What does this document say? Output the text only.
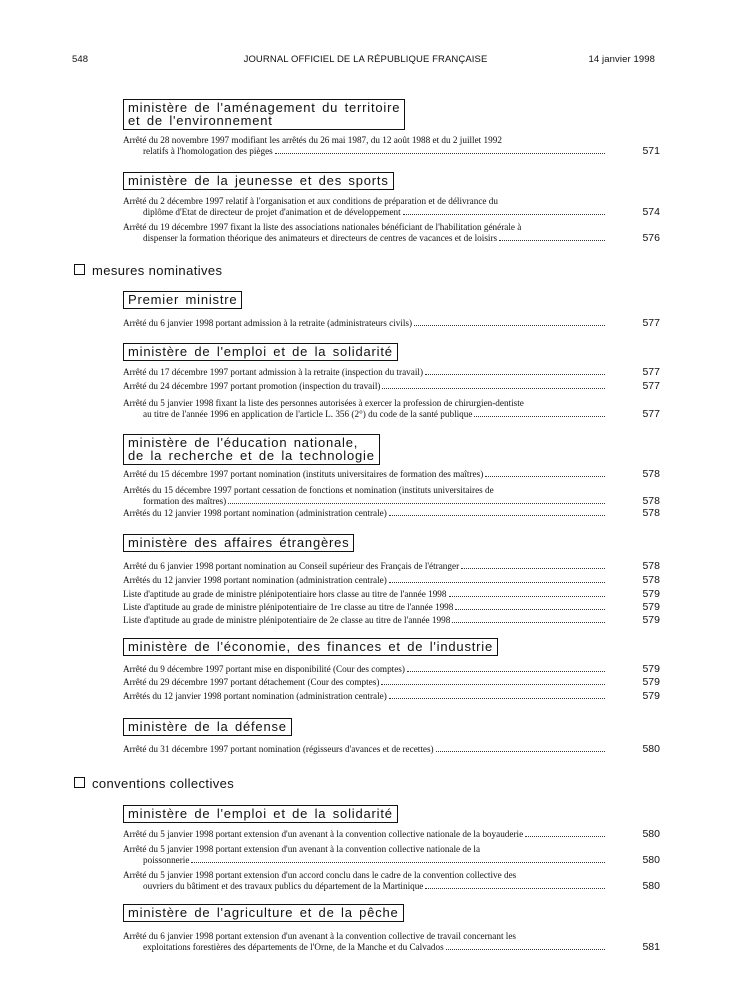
548	JOURNAL OFFICIEL DE LA RÉPUBLIQUE FRANÇAISE	14 janvier 1998
ministère de l'aménagement du territoire
et de l'environnement
Arrêté du 28 novembre 1997 modifiant les arrêtés du 26 mai 1987, du 12 août 1988 et du 2 juillet 1992
relatifs à l'homologation des pièges	571
ministère de la jeunesse et des sports
Arrêté du 2 décembre 1997 relatif à l'organisation et aux conditions de préparation et de délivrance du
diplôme d'Etat de directeur de projet d'animation et de développement	574
Arrêté du 19 décembre 1997 fixant la liste des associations nationales bénéficiant de l'habilitation générale à
dispenser la formation théorique des animateurs et directeurs de centres de vacances et de loisirs	576
mesures nominatives
Premier ministre
Arrêté du 6 janvier 1998 portant admission à la retraite (administrateurs civils)	577
ministère de l'emploi et de la solidarité
Arrêté du 17 décembre 1997 portant admission à la retraite (inspection du travail)	577
Arrêté du 24 décembre 1997 portant promotion (inspection du travail)	577
Arrêté du 5 janvier 1998 fixant la liste des personnes autorisées à exercer la profession de chirurgien-dentiste
au titre de l'année 1996 en application de l'article L. 356 (2°) du code de la santé publique	577
ministère de l'éducation nationale,
de la recherche et de la technologie
Arrêté du 15 décembre 1997 portant nomination (instituts universitaires de formation des maîtres)	578
Arrêtés du 15 décembre 1997 portant cessation de fonctions et nomination (instituts universitaires de
formation des maîtres)	578
Arrêtés du 12 janvier 1998 portant nomination (administration centrale)	578
ministère des affaires étrangères
Arrêté du 6 janvier 1998 portant nomination au Conseil supérieur des Français de l'étranger	578
Arrêtés du 12 janvier 1998 portant nomination (administration centrale)	578
Liste d'aptitude au grade de ministre plénipotentiaire hors classe au titre de l'année 1998	579
Liste d'aptitude au grade de ministre plénipotentiaire de 1re classe au titre de l'année 1998	579
Liste d'aptitude au grade de ministre plénipotentiaire de 2e classe au titre de l'année 1998	579
ministère de l'économie, des finances et de l'industrie
Arrêté du 9 décembre 1997 portant mise en disponibilité (Cour des comptes)	579
Arrêté du 29 décembre 1997 portant détachement (Cour des comptes)	579
Arrêtés du 12 janvier 1998 portant nomination (administration centrale)	579
ministère de la défense
Arrêté du 31 décembre 1997 portant nomination (régisseurs d'avances et de recettes)	580
conventions collectives
ministère de l'emploi et de la solidarité
Arrêté du 5 janvier 1998 portant extension d'un avenant à la convention collective nationale de la boyauderie	580
Arrêté du 5 janvier 1998 portant extension d'un avenant à la convention collective nationale de la
poissonnerie	580
Arrêté du 5 janvier 1998 portant extension d'un accord conclu dans le cadre de la convention collective des
ouvriers du bâtiment et des travaux publics du département de la Martinique	580
ministère de l'agriculture et de la pêche
Arrêté du 6 janvier 1998 portant extension d'un avenant à la convention collective de travail concernant les
exploitations forestières des départements de l'Orne, de la Manche et du Calvados	581
